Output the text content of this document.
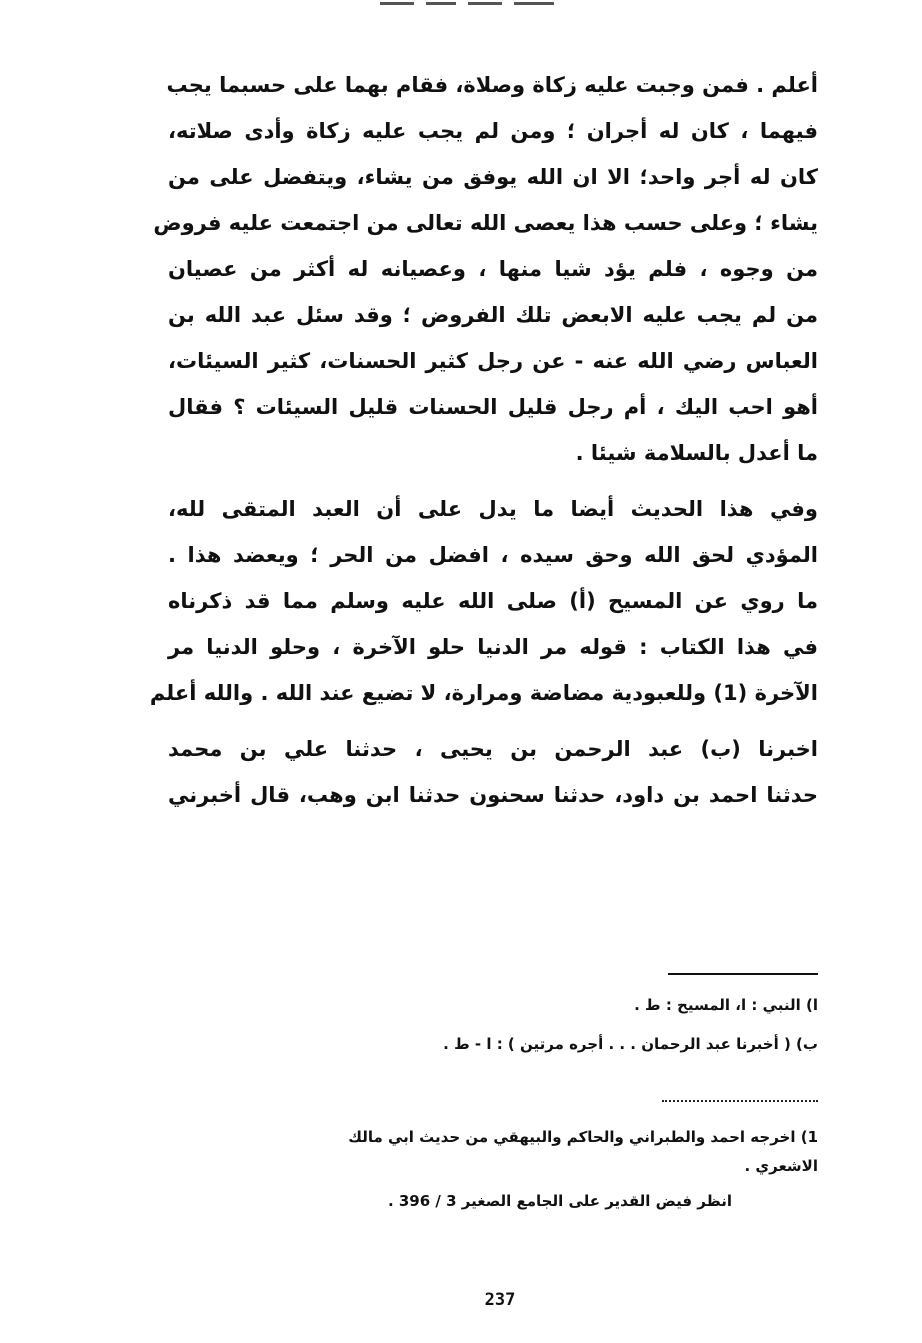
أعلم . فمن وجبت عليه زكاة وصلاة، فقام بهما على حسبما يجب
فيهما ، كان له أجران ؛ ومن لم يجب عليه زكاة وأدى صلاته،
كان له أجر واحد؛ الا ان الله يوفق من يشاء، ويتفضل على من
يشاء ؛ وعلى حسب هذا يعصى الله تعالى من اجتمعت عليه فروض
من وجوه ، فلم يؤد شيا منها ، وعصيانه له أكثر من عصيان
من لم يجب عليه الابعض تلك الفروض ؛ وقد سئل عبد الله بن
العباس رضي الله عنه - عن رجل كثير الحسنات، كثير السيئات،
أهو احب اليك ، أم رجل قليل الحسنات قليل السيئات ؟ فقال
ما أعدل بالسلامة شيئا .
وفي هذا الحديث أيضا ما يدل على أن العبد المتقى لله،
المؤدي لحق الله وحق سيده ، افضل من الحر ؛ ويعضد هذا .
ما روي عن المسيح (أ) صلى الله عليه وسلم مما قد ذكرناه
في هذا الكتاب : قوله مر الدنيا حلو الآخرة ، وحلو الدنيا مر
الآخرة (1) وللعبودية مضاضة ومرارة، لا تضيع عند الله . والله أعلم
اخبرنا (ب) عبد الرحمن بن يحيى ، حدثنا علي بن محمد
حدثنا احمد بن داود، حدثنا سحنون حدثنا ابن وهب، قال أخبرني
ا) النبي : ا، المسيح : ط .
ب) ( أخبرنا عبد الرحمان . . . أجره مرتين ) : ا - ط .
1) اخرجه احمد والطبراني والحاكم والبيهقي من حديث ابي مالك
الاشعري .
انظر فيض القدير على الجامع الصغير 3 / 396 .
237
